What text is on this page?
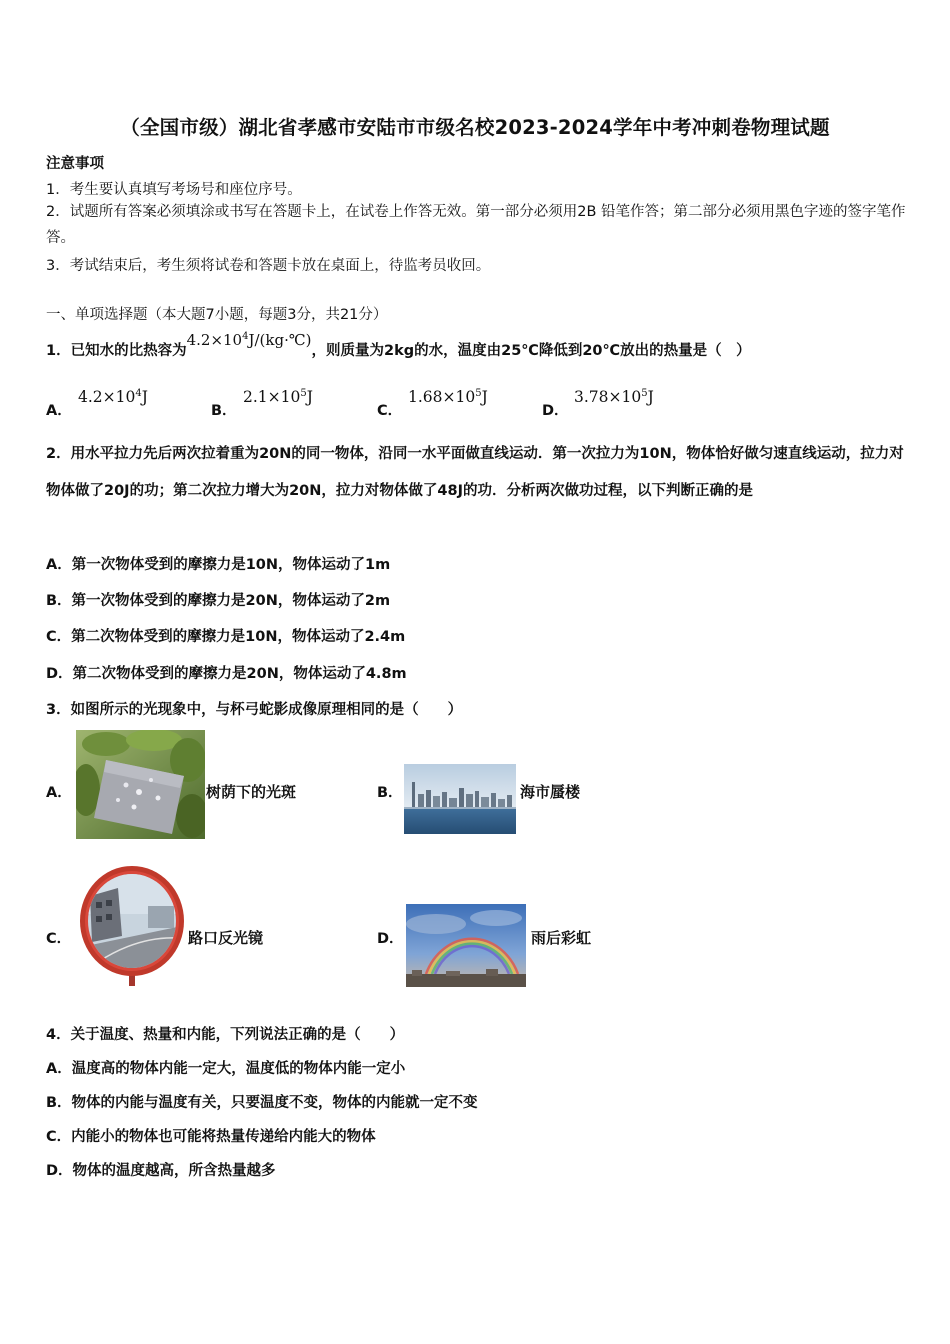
（全国市级）湖北省孝感市安陆市市级名校2023-2024学年中考冲刺卷物理试题
注意事项
1．考生要认真填写考场号和座位序号。
2．试题所有答案必须填涂或书写在答题卡上，在试卷上作答无效。第一部分必须用2B 铅笔作答；第二部分必须用黑色字迹的签字笔作答。
3．考试结束后，考生须将试卷和答题卡放在桌面上，待监考员收回。
一、单项选择题（本大题7小题，每题3分，共21分）
1．已知水的比热容为$4.2\times 10^4J/(kg\cdot℃)$，则质量为2kg的水，温度由25℃降低到20℃放出的热量是（　）
A．
$4.2\times 10^4J$
B．
$2.1\times 10^5J$
C．
$1.68\times 10^5J$
D．
$3.78\times 10^5J$
2．用水平拉力先后两次拉着重为20N的同一物体，沿同一水平面做直线运动．第一次拉力为10N，物体恰好做匀速直线运动，拉力对物体做了20J的功；第二次拉力增大为20N，拉力对物体做了48J的功．分析两次做功过程，以下判断正确的是
A．第一次物体受到的摩擦力是10N，物体运动了1m
B．第一次物体受到的摩擦力是20N，物体运动了2m
C．第二次物体受到的摩擦力是10N，物体运动了2.4m
D．第二次物体受到的摩擦力是20N，物体运动了4.8m
3．如图所示的光现象中，与杯弓蛇影成像原理相同的是（　　）
A．	树荫下的光斑	B．	海市蜃楼
C．	路口反光镜	D．	雨后彩虹
4．关于温度、热量和内能，下列说法正确的是（　　）
A．温度高的物体内能一定大，温度低的物体内能一定小
B．物体的内能与温度有关，只要温度不变，物体的内能就一定不变
C．内能小的物体也可能将热量传递给内能大的物体
D．物体的温度越高，所含热量越多
